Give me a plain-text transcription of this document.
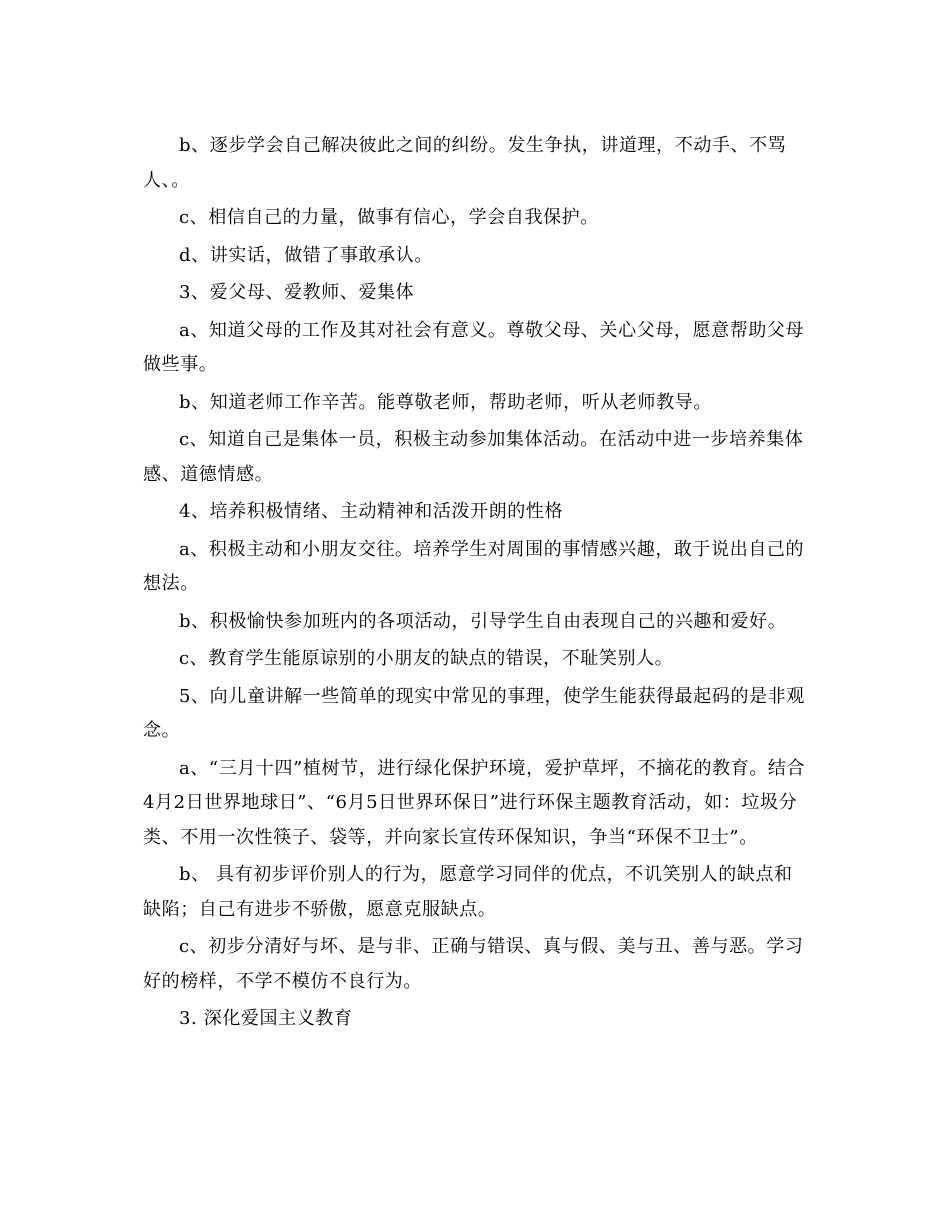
b、逐步学会自己解决彼此之间的纠纷。发生争执，讲道理，不动手、不骂人、。

c、相信自己的力量，做事有信心，学会自我保护。

d、讲实话，做错了事敢承认。

3、爱父母、爱教师、爱集体

a、知道父母的工作及其对社会有意义。尊敬父母、关心父母，愿意帮助父母做些事。

b、知道老师工作辛苦。能尊敬老师，帮助老师，听从老师教导。

c、知道自己是集体一员，积极主动参加集体活动。在活动中进一步培养集体感、道德情感。

4、培养积极情绪、主动精神和活泼开朗的性格

a、积极主动和小朋友交往。培养学生对周围的事情感兴趣，敢于说出自己的想法。

b、积极愉快参加班内的各项活动，引导学生自由表现自己的兴趣和爱好。

c、教育学生能原谅别的小朋友的缺点的错误，不耻笑别人。

5、向儿童讲解一些简单的现实中常见的事理，使学生能获得最起码的是非观念。

a、“三月十四”植树节，进行绿化保护环境，爱护草坪，不摘花的教育。结合4月2日世界地球日”、“6月5日世界环保日”进行环保主题教育活动，如：垃圾分类、不用一次性筷子、袋等，并向家长宣传环保知识，争当“环保不卫士”。

b、 具有初步评价别人的行为，愿意学习同伴的优点，不讥笑别人的缺点和缺陷；自己有进步不骄傲，愿意克服缺点。

c、初步分清好与坏、是与非、正确与错误、真与假、美与丑、善与恶。学习好的榜样，不学不模仿不良行为。

3. 深化爱国主义教育
